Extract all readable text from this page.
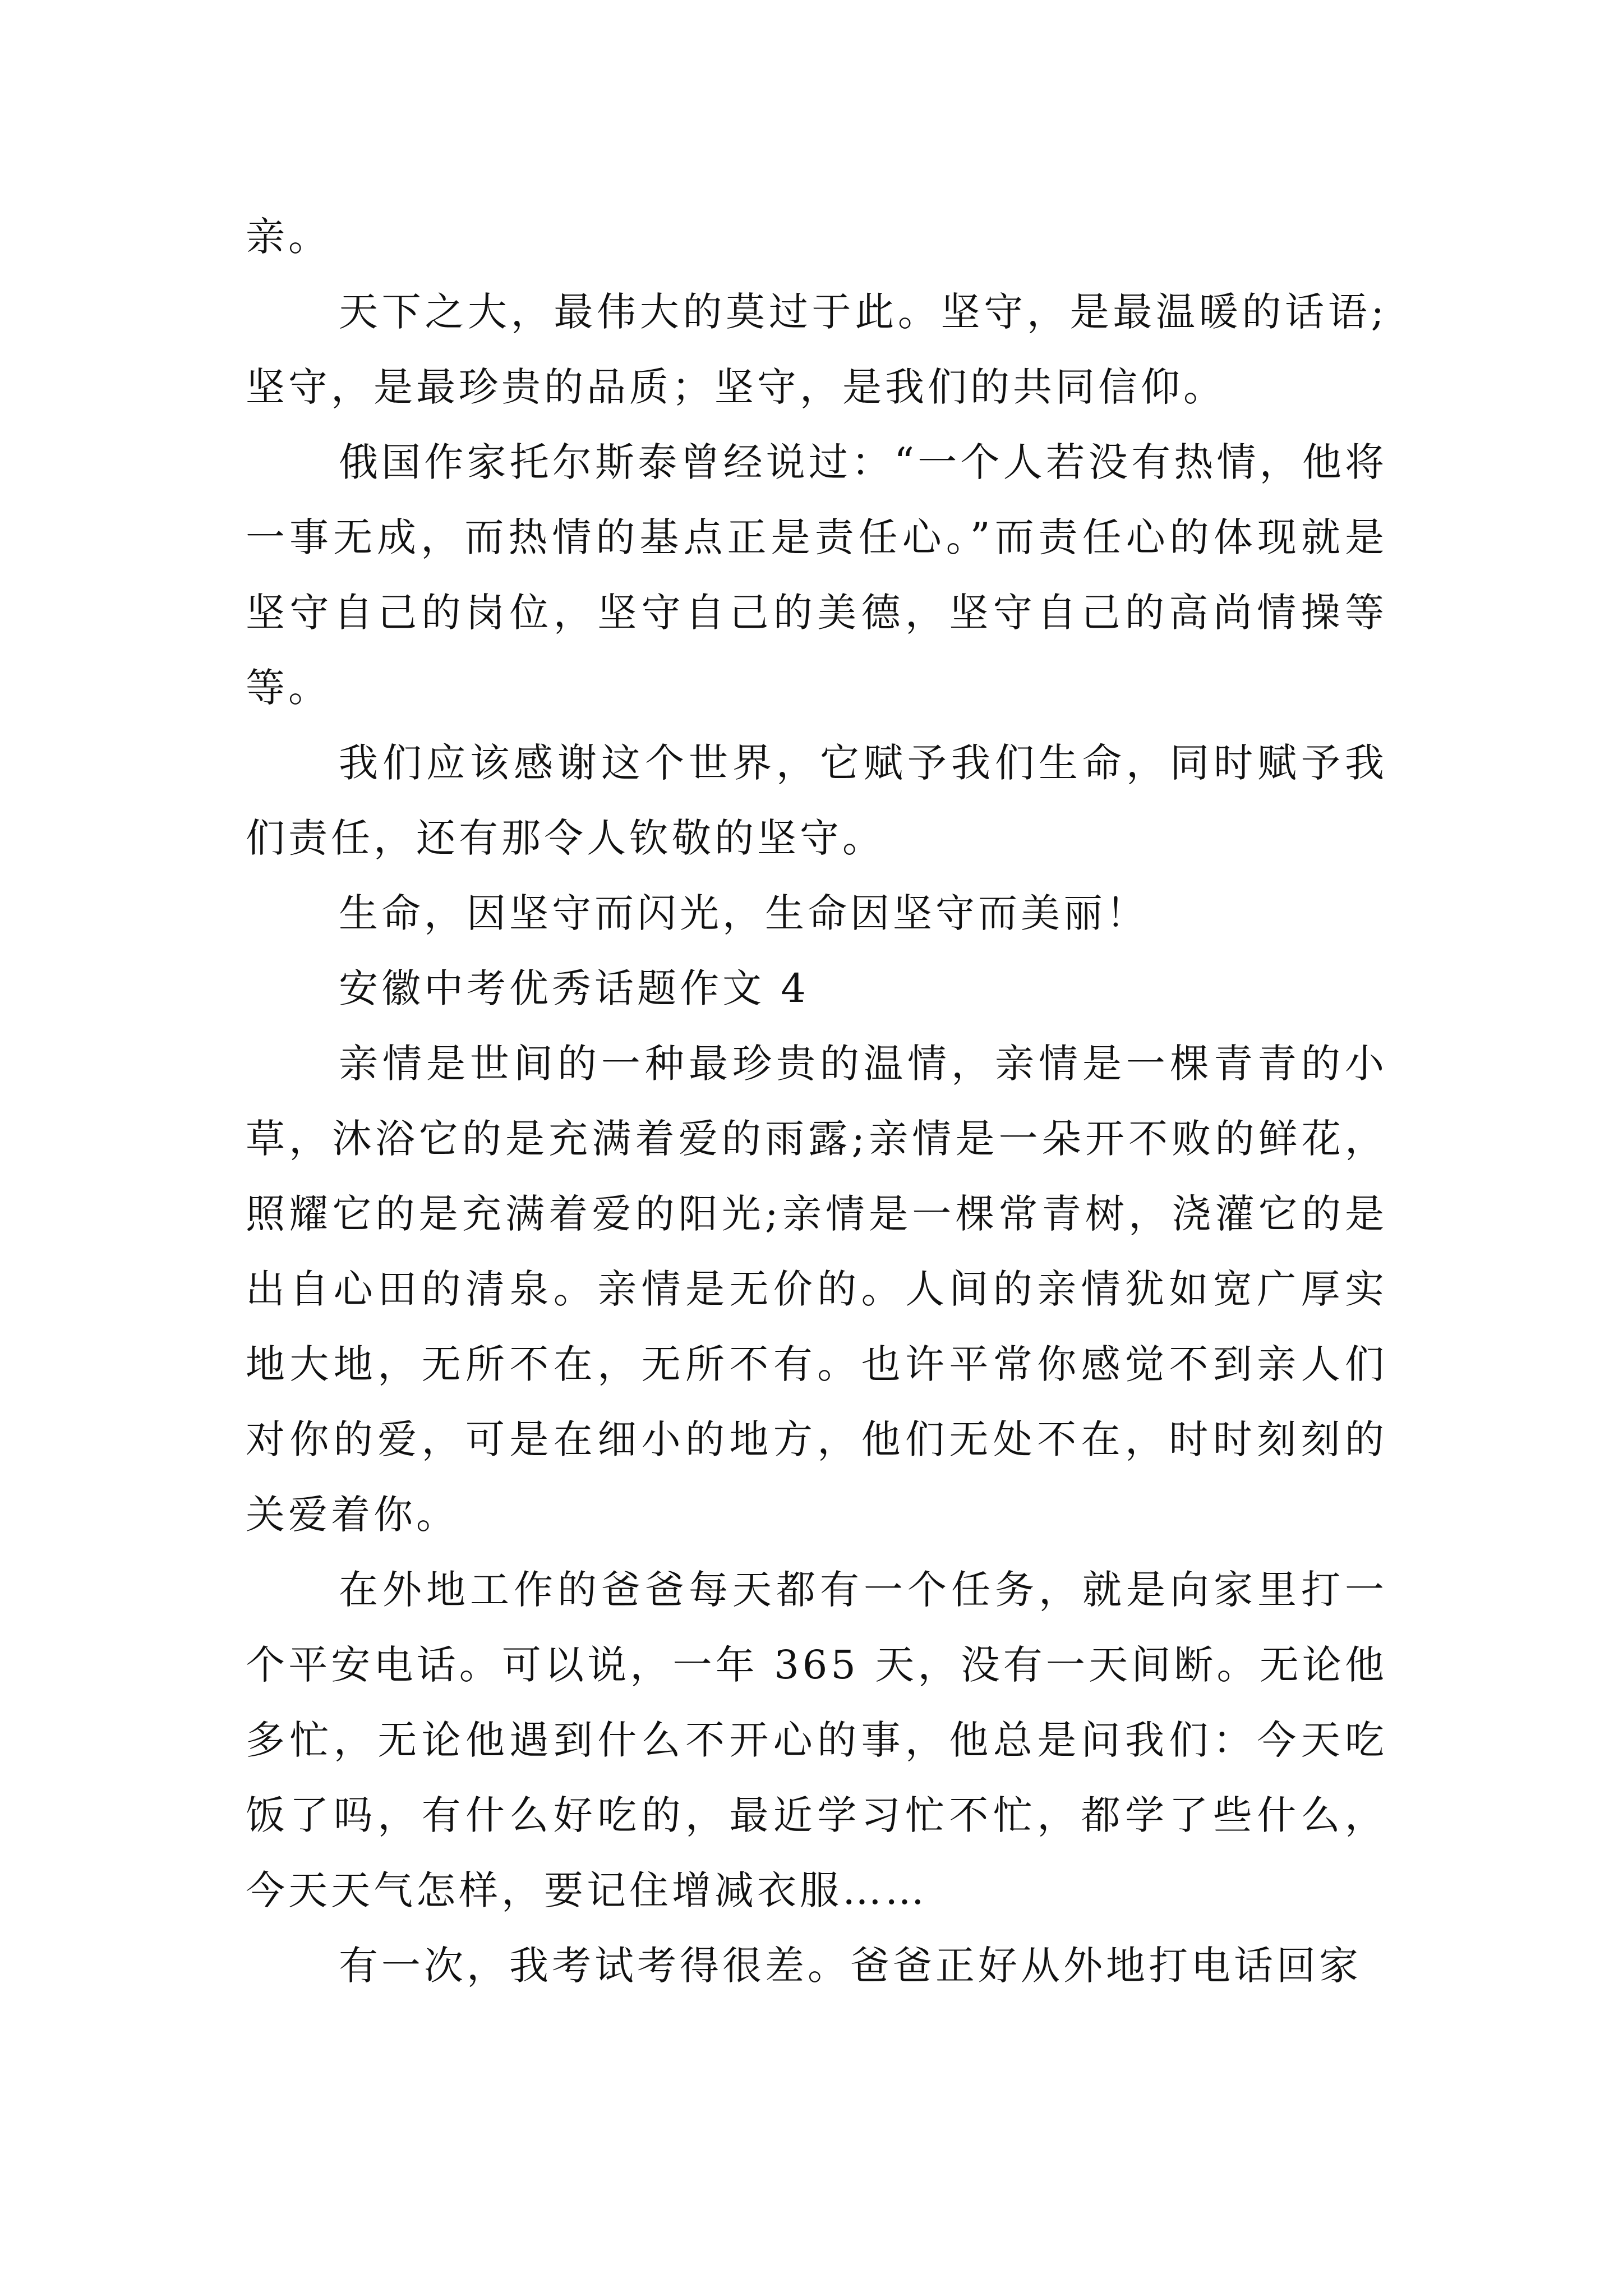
亲。

天下之大，最伟大的莫过于此。坚守，是最温暖的话语;坚守，是最珍贵的品质；坚守，是我们的共同信仰。

俄国作家托尔斯泰曾经说过：“一个人若没有热情，他将一事无成，而热情的基点正是责任心。”而责任心的体现就是坚守自己的岗位，坚守自己的美德，坚守自己的高尚情操等等。

我们应该感谢这个世界，它赋予我们生命，同时赋予我们责任，还有那令人钦敬的坚守。

生命，因坚守而闪光，生命因坚守而美丽！

安徽中考优秀话题作文 4

亲情是世间的一种最珍贵的温情，亲情是一棵青青的小草，沐浴它的是充满着爱的雨露;亲情是一朵开不败的鲜花，照耀它的是充满着爱的阳光;亲情是一棵常青树，浇灌它的是出自心田的清泉。亲情是无价的。人间的亲情犹如宽广厚实地大地，无所不在，无所不有。也许平常你感觉不到亲人们对你的爱，可是在细小的地方，他们无处不在，时时刻刻的关爱着你。

在外地工作的爸爸每天都有一个任务，就是向家里打一个平安电话。可以说，一年 365 天，没有一天间断。无论他多忙，无论他遇到什么不开心的事，他总是问我们：今天吃饭了吗，有什么好吃的，最近学习忙不忙，都学了些什么，今天天气怎样，要记住增减衣服……

有一次，我考试考得很差。爸爸正好从外地打电话回家
